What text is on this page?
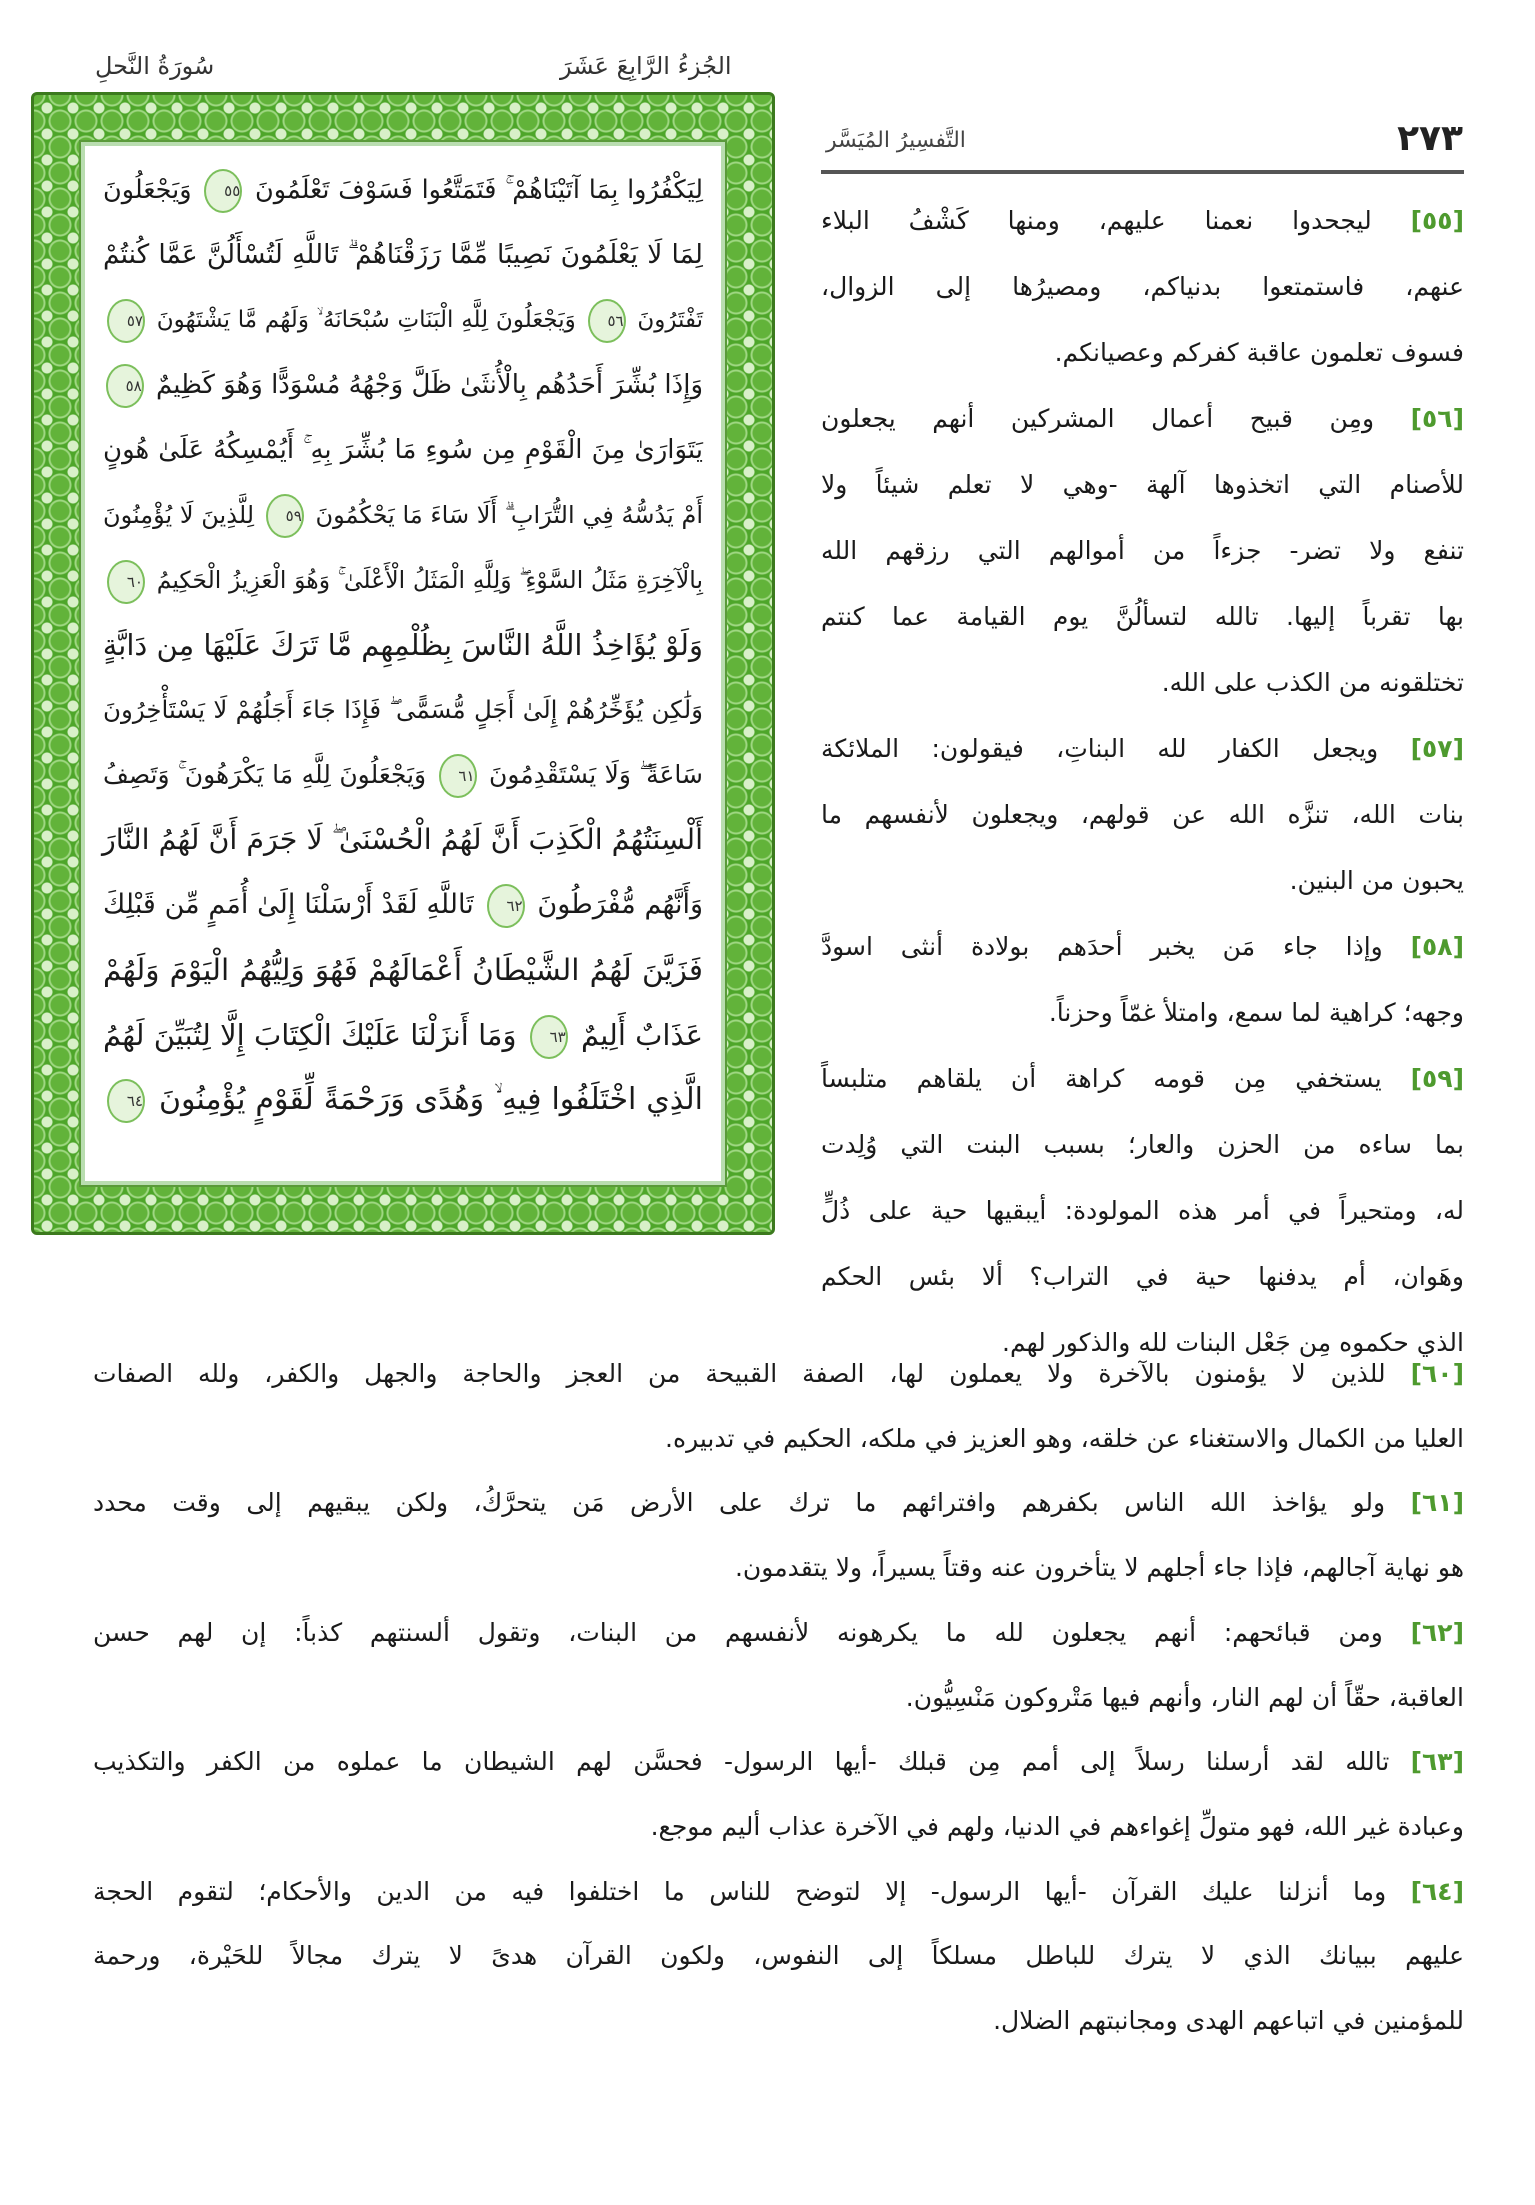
الجُزءُ الرَّابِعَ عَشَرَ
سُورَةُ النَّحلِ
التَّفسِيرُ المُيَسَّر	٢٧٣
لِيَكْفُرُوا بِمَا آتَيْنَاهُمْ ۚ فَتَمَتَّعُوا فَسَوْفَ تَعْلَمُونَ ٥٥ وَيَجْعَلُونَ
لِمَا لَا يَعْلَمُونَ نَصِيبًا مِّمَّا رَزَقْنَاهُمْ ۗ تَاللَّهِ لَتُسْأَلُنَّ عَمَّا كُنتُمْ
تَفْتَرُونَ ٥٦ وَيَجْعَلُونَ لِلَّهِ الْبَنَاتِ سُبْحَانَهُ ۙ وَلَهُم مَّا يَشْتَهُونَ ٥٧
وَإِذَا بُشِّرَ أَحَدُهُم بِالْأُنثَىٰ ظَلَّ وَجْهُهُ مُسْوَدًّا وَهُوَ كَظِيمٌ ٥٨
يَتَوَارَىٰ مِنَ الْقَوْمِ مِن سُوءِ مَا بُشِّرَ بِهِ ۚ أَيُمْسِكُهُ عَلَىٰ هُونٍ
أَمْ يَدُسُّهُ فِي التُّرَابِ ۗ أَلَا سَاءَ مَا يَحْكُمُونَ ٥٩ لِلَّذِينَ لَا يُؤْمِنُونَ
بِالْآخِرَةِ مَثَلُ السَّوْءِ ۖ وَلِلَّهِ الْمَثَلُ الْأَعْلَىٰ ۚ وَهُوَ الْعَزِيزُ الْحَكِيمُ ٦٠
وَلَوْ يُؤَاخِذُ اللَّهُ النَّاسَ بِظُلْمِهِم مَّا تَرَكَ عَلَيْهَا مِن دَابَّةٍ
وَلَٰكِن يُؤَخِّرُهُمْ إِلَىٰ أَجَلٍ مُّسَمًّى ۖ فَإِذَا جَاءَ أَجَلُهُمْ لَا يَسْتَأْخِرُونَ
سَاعَةً ۖ وَلَا يَسْتَقْدِمُونَ ٦١ وَيَجْعَلُونَ لِلَّهِ مَا يَكْرَهُونَ ۚ وَتَصِفُ
أَلْسِنَتُهُمُ الْكَذِبَ أَنَّ لَهُمُ الْحُسْنَىٰ ۖ لَا جَرَمَ أَنَّ لَهُمُ النَّارَ
وَأَنَّهُم مُّفْرَطُونَ ٦٢ تَاللَّهِ لَقَدْ أَرْسَلْنَا إِلَىٰ أُمَمٍ مِّن قَبْلِكَ
فَزَيَّنَ لَهُمُ الشَّيْطَانُ أَعْمَالَهُمْ فَهُوَ وَلِيُّهُمُ الْيَوْمَ وَلَهُمْ
عَذَابٌ أَلِيمٌ ٦٣ وَمَا أَنزَلْنَا عَلَيْكَ الْكِتَابَ إِلَّا لِتُبَيِّنَ لَهُمُ
الَّذِي اخْتَلَفُوا فِيهِ ۙ وَهُدًى وَرَحْمَةً لِّقَوْمٍ يُؤْمِنُونَ ٦٤
[٥٥] ليجحدوا نعمنا عليهم، ومنها كَشْفُ البلاء
عنهم، فاستمتعوا بدنياكم، ومصيرُها إلى الزوال،
فسوف تعلمون عاقبة كفركم وعصيانكم.
[٥٦] ومِن قبيح أعمال المشركين أنهم يجعلون
للأصنام التي اتخذوها آلهة -وهي لا تعلم شيئاً ولا
تنفع ولا تضر- جزءاً من أموالهم التي رزقهم الله
بها تقرباً إليها. تالله لتسألُنَّ يوم القيامة عما كنتم
تختلقونه من الكذب على الله.
[٥٧] ويجعل الكفار لله البناتِ، فيقولون: الملائكة
بنات الله، تنزَّه الله عن قولهم، ويجعلون لأنفسهم ما
يحبون من البنين.
[٥٨] وإذا جاء مَن يخبر أحدَهم بولادة أنثى اسودَّ
وجهه؛ كراهية لما سمع، وامتلأ غمّاً وحزناً.
[٥٩] يستخفي مِن قومه كراهة أن يلقاهم متلبساً
بما ساءه من الحزن والعار؛ بسبب البنت التي وُلِدت
له، ومتحيراً في أمر هذه المولودة: أيبقيها حية على ذُلٍّ
وهَوان، أم يدفنها حية في التراب؟ ألا بئس الحكم
الذي حكموه مِن جَعْل البنات لله والذكور لهم.
[٦٠] للذين لا يؤمنون بالآخرة ولا يعملون لها، الصفة القبيحة من العجز والحاجة والجهل والكفر، ولله الصفات
العليا من الكمال والاستغناء عن خلقه، وهو العزيز في ملكه، الحكيم في تدبيره.
[٦١] ولو يؤاخذ الله الناس بكفرهم وافترائهم ما ترك على الأرض مَن يتحرَّكُ، ولكن يبقيهم إلى وقت محدد
هو نهاية آجالهم، فإذا جاء أجلهم لا يتأخرون عنه وقتاً يسيراً، ولا يتقدمون.
[٦٢] ومن قبائحهم: أنهم يجعلون لله ما يكرهونه لأنفسهم من البنات، وتقول ألسنتهم كذباً: إن لهم حسن
العاقبة، حقّاً أن لهم النار، وأنهم فيها مَتْروكون مَنْسِيُّون.
[٦٣] تالله لقد أرسلنا رسلاً إلى أمم مِن قبلك -أيها الرسول- فحسَّن لهم الشيطان ما عملوه من الكفر والتكذيب
وعبادة غير الله، فهو متولِّ إغواءهم في الدنيا، ولهم في الآخرة عذاب أليم موجع.
[٦٤] وما أنزلنا عليك القرآن -أيها الرسول- إلا لتوضح للناس ما اختلفوا فيه من الدين والأحكام؛ لتقوم الحجة
عليهم ببيانك الذي لا يترك للباطل مسلكاً إلى النفوس، ولكون القرآن هدىً لا يترك مجالاً للحَيْرة، ورحمة
للمؤمنين في اتباعهم الهدى ومجانبتهم الضلال.
